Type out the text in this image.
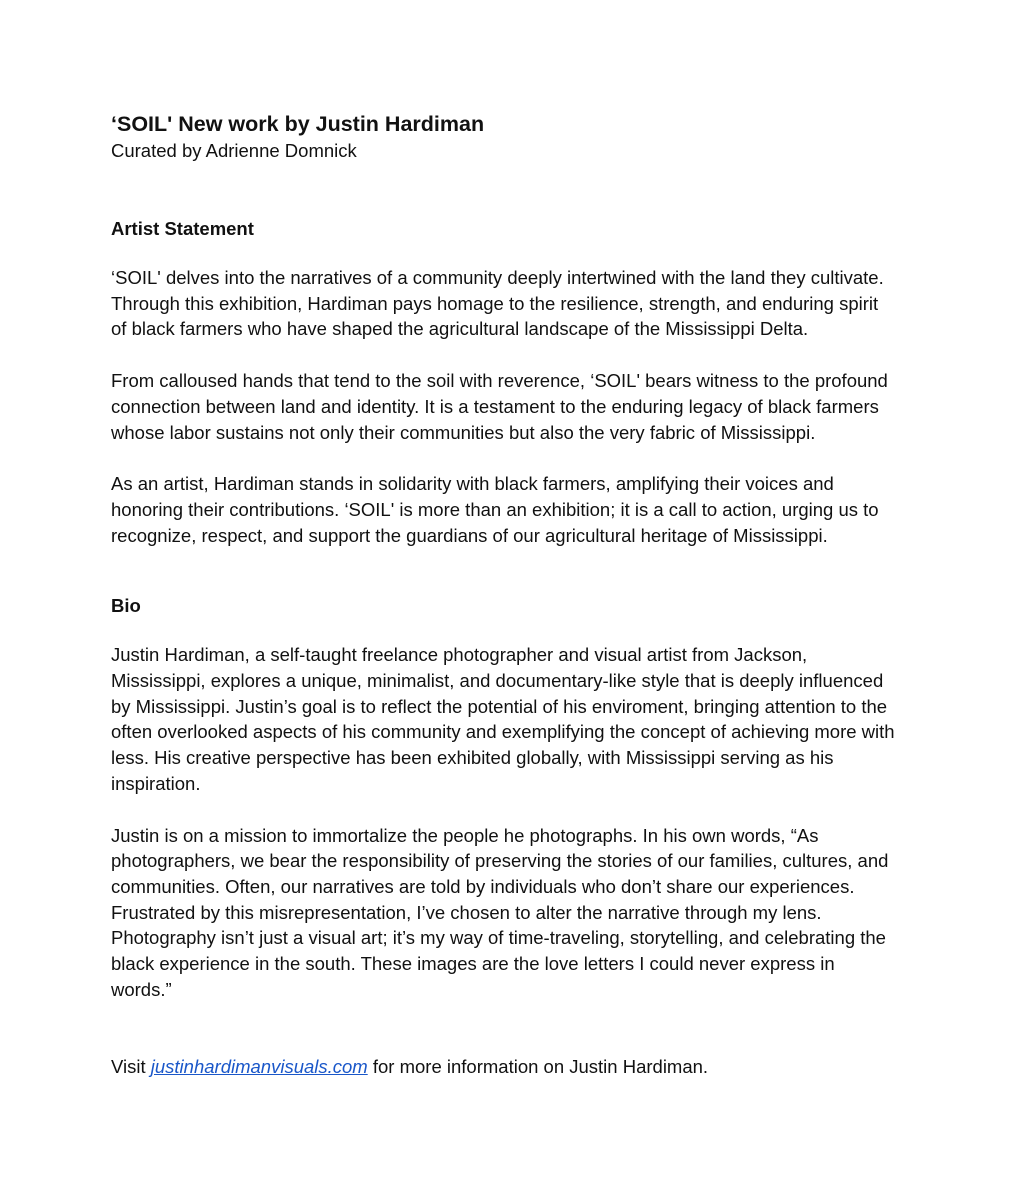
‘SOIL' New work by Justin Hardiman

Curated by Adrienne Domnick

Artist Statement

‘SOIL' delves into the narratives of a community deeply intertwined with the land they cultivate.
Through this exhibition, Hardiman pays homage to the resilience, strength, and enduring spirit
of black farmers who have shaped the agricultural landscape of the Mississippi Delta.

From calloused hands that tend to the soil with reverence, ‘SOIL' bears witness to the profound
connection between land and identity. It is a testament to the enduring legacy of black farmers
whose labor sustains not only their communities but also the very fabric of Mississippi.

As an artist, Hardiman stands in solidarity with black farmers, amplifying their voices and
honoring their contributions. ‘SOIL' is more than an exhibition; it is a call to action, urging us to
recognize, respect, and support the guardians of our agricultural heritage of Mississippi.

Bio

Justin Hardiman, a self-taught freelance photographer and visual artist from Jackson,
Mississippi, explores a unique, minimalist, and documentary-like style that is deeply influenced
by Mississippi. Justin’s goal is to reflect the potential of his enviroment, bringing attention to the
often overlooked aspects of his community and exemplifying the concept of achieving more with
less. His creative perspective has been exhibited globally, with Mississippi serving as his
inspiration.

Justin is on a mission to immortalize the people he photographs. In his own words, “As
photographers, we bear the responsibility of preserving the stories of our families, cultures, and
communities. Often, our narratives are told by individuals who don’t share our experiences.
Frustrated by this misrepresentation, I’ve chosen to alter the narrative through my lens.
Photography isn’t just a visual art; it’s my way of time-traveling, storytelling, and celebrating the
black experience in the south. These images are the love letters I could never express in
words.”

Visit justinhardimanvisuals.com for more information on Justin Hardiman.
